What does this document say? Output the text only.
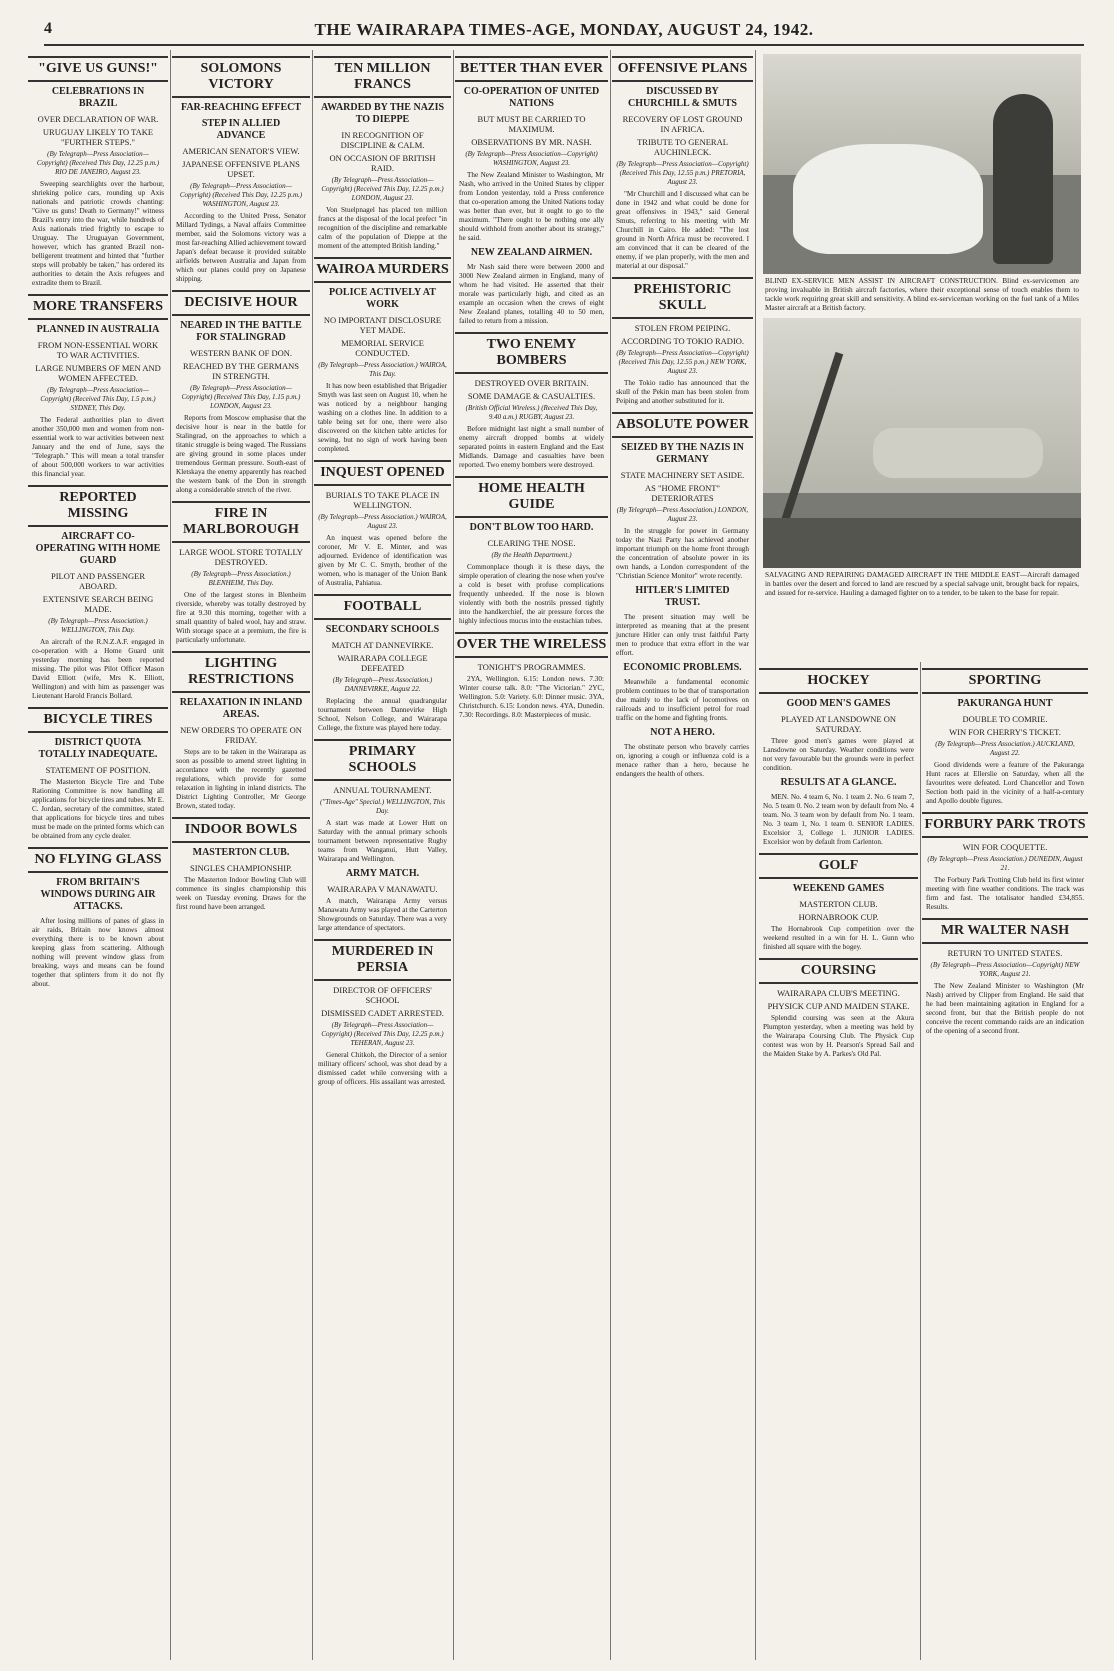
4	THE WAIRARAPA TIMES-AGE, MONDAY, AUGUST 24, 1942.
"GIVE US GUNS!"
CELEBRATIONS IN BRAZIL
OVER DECLARATION OF WAR.
URUGUAY LIKELY TO TAKE "FURTHER STEPS."
(By Telegraph—Press Association—Copyright) (Received This Day, 12.25 p.m.) RIO DE JANEIRO, August 23.
Sweeping searchlights over the harbour, shrieking police cars, rounding up Axis nationals and patriotic crowds chanting: "Give us guns! Death to Germany!" witness Brazil's entry into the war, while hundreds of Axis nationals tried frightly to escape to Uruguay. The Uruguayan Government, however, which has granted Brazil non-belligerent treatment and hinted that "further steps will probably be taken," has ordered its authorities to detain the Axis refugees and extradite them to Brazil.
MORE TRANSFERS
PLANNED IN AUSTRALIA
FROM NON-ESSENTIAL WORK TO WAR ACTIVITIES.
LARGE NUMBERS OF MEN AND WOMEN AFFECTED.
(By Telegraph—Press Association—Copyright) (Received This Day, 1.5 p.m.) SYDNEY, This Day.
The Federal authorities plan to divert another 350,000 men and women from non-essential work to war activities between next January and the end of June, says the "Telegraph." This will mean a total transfer of about 500,000 workers to war activities this financial year.
REPORTED MISSING
AIRCRAFT CO-OPERATING WITH HOME GUARD
PILOT AND PASSENGER ABOARD.
EXTENSIVE SEARCH BEING MADE.
(By Telegraph—Press Association.) WELLINGTON, This Day.
An aircraft of the R.N.Z.A.F. engaged in co-operation with a Home Guard unit yesterday morning has been reported missing. The pilot was Pilot Officer Mason David Elliott (wife, Mrs K. Elliott, Wellington) and with him as passenger was Lieutenant Harold Francis Bollard.
BICYCLE TIRES
DISTRICT QUOTA TOTALLY INADEQUATE.
STATEMENT OF POSITION.
The Masterton Bicycle Tire and Tube Rationing Committee is now handling all applications for bicycle tires and tubes. Mr E. C. Jordan, secretary of the committee, stated that applications for bicycle tires and tubes must be made on the printed forms which can be obtained from any cycle dealer.
NO FLYING GLASS
FROM BRITAIN'S WINDOWS DURING AIR ATTACKS.
After losing millions of panes of glass in air raids, Britain now knows almost everything there is to be known about keeping glass from scattering. Although nothing will prevent window glass from breaking, ways and means can be found together that splinters from it do not fly about.
SOLOMONS VICTORY
FAR-REACHING EFFECT
STEP IN ALLIED ADVANCE
AMERICAN SENATOR'S VIEW.
JAPANESE OFFENSIVE PLANS UPSET.
(By Telegraph—Press Association—Copyright) (Received This Day, 12.25 p.m.) WASHINGTON, August 23.
According to the United Press, Senator Millard Tydings, a Naval affairs Committee member, said the Solomons victory was a most far-reaching Allied achievement toward Japan's defeat because it provided suitable airfields between Australia and Japan from which our planes could prey on Japanese shipping.
DECISIVE HOUR
NEARED IN THE BATTLE FOR STALINGRAD
WESTERN BANK OF DON.
REACHED BY THE GERMANS IN STRENGTH.
(By Telegraph—Press Association—Copyright) (Received This Day, 1.15 p.m.) LONDON, August 23.
Reports from Moscow emphasise that the decisive hour is near in the battle for Stalingrad, on the approaches to which a titanic struggle is being waged. The Russians are giving ground in some places under tremendous German pressure. South-east of Kletskaya the enemy apparently has reached the western bank of the Don in strength along a considerable stretch of the river.
FIRE IN MARLBOROUGH
LARGE WOOL STORE TOTALLY DESTROYED.
(By Telegraph—Press Association.) BLENHEIM, This Day.
One of the largest stores in Blenheim riverside, whereby was totally destroyed by fire at 9.30 this morning, together with a small quantity of baled wool, hay and straw. With storage space at a premium, the fire is particularly unfortunate.
LIGHTING RESTRICTIONS
RELAXATION IN INLAND AREAS.
NEW ORDERS TO OPERATE ON FRIDAY.
Steps are to be taken in the Wairarapa as soon as possible to amend street lighting in accordance with the recently gazetted regulations, which provide for some relaxation in lighting in inland districts. The District Lighting Controller, Mr George Brown, stated today.
INDOOR BOWLS
MASTERTON CLUB.
SINGLES CHAMPIONSHIP.
The Masterton Indoor Bowling Club will commence its singles championship this week on Tuesday evening. Draws for the first round have been arranged.
TEN MILLION FRANCS
AWARDED BY THE NAZIS TO DIEPPE
IN RECOGNITION OF DISCIPLINE & CALM.
ON OCCASION OF BRITISH RAID.
(By Telegraph—Press Association—Copyright) (Received This Day, 12.25 p.m.) LONDON, August 23.
Von Stuelpnagel has placed ten million francs at the disposal of the local prefect "in recognition of the discipline and remarkable calm of the population of Dieppe at the moment of the attempted British landing."
WAIROA MURDERS
POLICE ACTIVELY AT WORK
NO IMPORTANT DISCLOSURE YET MADE.
MEMORIAL SERVICE CONDUCTED.
(By Telegraph—Press Association.) WAIROA, This Day.
It has now been established that Brigadier Smyth was last seen on August 10, when he was noticed by a neighbour hanging washing on a clothes line. In addition to a table being set for one, there were also discovered on the kitchen table articles for sewing, but no sign of work having been completed.
INQUEST OPENED
BURIALS TO TAKE PLACE IN WELLINGTON.
(By Telegraph—Press Association.) WAIROA, August 23.
An inquest was opened before the coroner, Mr V. E. Minter, and was adjourned. Evidence of identification was given by Mr C. C. Smyth, brother of the women, who is manager of the Union Bank of Australia, Pahiatua.
FOOTBALL
SECONDARY SCHOOLS
MATCH AT DANNEVIRKE.
WAIRARAPA COLLEGE DEFEATED
(By Telegraph—Press Association.) DANNEVIRKE, August 22.
Replacing the annual quadrangular tournament between Dannevirke High School, Nelson College, and Wairarapa College, the fixture was played here today.
PRIMARY SCHOOLS
ANNUAL TOURNAMENT.
("Times-Age" Special.) WELLINGTON, This Day.
A start was made at Lower Hutt on Saturday with the annual primary schools tournament between representative Rugby teams from Wanganui, Hutt Valley, Wairarapa and Wellington.
ARMY MATCH.
WAIRARAPA V MANAWATU.
A match, Wairarapa Army versus Manawatu Army was played at the Carterton Showgrounds on Saturday. There was a very large attendance of spectators.
MURDERED IN PERSIA
DIRECTOR OF OFFICERS' SCHOOL
DISMISSED CADET ARRESTED.
(By Telegraph—Press Association—Copyright) (Received This Day, 12.25 p.m.) TEHERAN, August 23.
General Chitkoh, the Director of a senior military officers' school, was shot dead by a dismissed cadet while conversing with a group of officers. His assailant was arrested.
BETTER THAN EVER
CO-OPERATION OF UNITED NATIONS
BUT MUST BE CARRIED TO MAXIMUM.
OBSERVATIONS BY MR. NASH.
(By Telegraph—Press Association—Copyright) WASHINGTON, August 23.
The New Zealand Minister to Washington, Mr Nash, who arrived in the United States by clipper from London yesterday, told a Press conference that co-operation among the United Nations today was better than ever, but it ought to go to the maximum. "There ought to be nothing one ally should withhold from another about its strategy," he said.
NEW ZEALAND AIRMEN.
Mr Nash said there were between 2000 and 3000 New Zealand airmen in England, many of whom he had visited. He asserted that their morale was particularly high, and cited as an example an occasion when the crews of eight New Zealand planes, totalling 40 to 50 men, failed to return from a mission.
TWO ENEMY BOMBERS
DESTROYED OVER BRITAIN.
SOME DAMAGE & CASUALTIES.
(British Official Wireless.) (Received This Day, 9.40 a.m.) RUGBY, August 23.
Before midnight last night a small number of enemy aircraft dropped bombs at widely separated points in eastern England and the East Midlands. Damage and casualties have been reported. Two enemy bombers were destroyed.
HOME HEALTH GUIDE
DON'T BLOW TOO HARD.
CLEARING THE NOSE.
(By the Health Department.)
Commonplace though it is these days, the simple operation of clearing the nose when you've a cold is beset with profuse complications frequently unheeded. If the nose is blown violently with both the nostrils pressed tightly into the handkerchief, the air pressure forces the highly infectious mucus into the eustachian tubes.
OVER THE WIRELESS
TONIGHT'S PROGRAMMES.
2YA, Wellington. 6.15: London news. 7.30: Winter course talk. 8.0: "The Victorian." 2YC, Wellington. 5.0: Variety. 6.0: Dinner music. 3YA, Christchurch. 6.15: London news. 4YA, Dunedin. 7.30: Recordings. 8.0: Masterpieces of music.
OFFENSIVE PLANS
DISCUSSED BY CHURCHILL & SMUTS
RECOVERY OF LOST GROUND IN AFRICA.
TRIBUTE TO GENERAL AUCHINLECK.
(By Telegraph—Press Association—Copyright) (Received This Day, 12.55 p.m.) PRETORIA, August 23.
"Mr Churchill and I discussed what can be done in 1942 and what could be done for great offensives in 1943," said General Smuts, referring to his meeting with Mr Churchill in Cairo. He added: "The lost ground in North Africa must be recovered. I am convinced that it can be cleared of the enemy, if we plan properly, with the men and material at our disposal."
PREHISTORIC SKULL
STOLEN FROM PEIPING.
ACCORDING TO TOKIO RADIO.
(By Telegraph—Press Association—Copyright) (Received This Day, 12.55 p.m.) NEW YORK, August 23.
The Tokio radio has announced that the skull of the Pekin man has been stolen from Peiping and another substituted for it.
ABSOLUTE POWER
SEIZED BY THE NAZIS IN GERMANY
STATE MACHINERY SET ASIDE.
AS "HOME FRONT" DETERIORATES
(By Telegraph—Press Association.) LONDON, August 23.
In the struggle for power in Germany today the Nazi Party has achieved another important triumph on the home front through the concentration of absolute power in its own hands, a London correspondent of the "Christian Science Monitor" wrote recently.
HITLER'S LIMITED TRUST.
The present situation may well be interpreted as meaning that at the present juncture Hitler can only trust faithful Party men to produce that extra effort in the war effort.
ECONOMIC PROBLEMS.
Meanwhile a fundamental economic problem continues to be that of transportation due mainly to the lack of locomotives on railroads and to insufficient petrol for road traffic on the home and fighting fronts.
NOT A HERO.
The obstinate person who bravely carries on, ignoring a cough or influenza cold is a menace rather than a hero, because he endangers the health of others.
BLIND EX-SERVICE MEN ASSIST IN AIRCRAFT CONSTRUCTION. Blind ex-servicemen are proving invaluable in British aircraft factories, where their exceptional sense of touch enables them to tackle work requiring great skill and sensitivity. A blind ex-serviceman working on the fuel tank of a Miles Master aircraft at a British factory.
SALVAGING AND REPAIRING DAMAGED AIRCRAFT IN THE MIDDLE EAST—Aircraft damaged in battles over the desert and forced to land are rescued by a special salvage unit, brought back for repairs, and issued for re-service. Hauling a damaged fighter on to a tender, to be taken to the base for repair.
HOCKEY
GOOD MEN'S GAMES
PLAYED AT LANSDOWNE ON SATURDAY.
Three good men's games were played at Lansdowne on Saturday. Weather conditions were not very favourable but the grounds were in perfect condition.
RESULTS AT A GLANCE.
MEN. No. 4 team 6, No. 1 team 2. No. 6 team 7, No. 5 team 0. No. 2 team won by default from No. 4 team. No. 3 team won by default from No. 1 team. No. 3 team 1, No. 1 team 0. SENIOR LADIES. Excelsior 3, College 1. JUNIOR LADIES. Excelsior won by default from Carlenton.
GOLF
WEEKEND GAMES
MASTERTON CLUB.
HORNABROOK CUP.
The Hornabrook Cup competition over the weekend resulted in a win for H. L. Gunn who finished all square with the bogey.
COURSING
WAIRARAPA CLUB'S MEETING.
PHYSICK CUP AND MAIDEN STAKE.
Splendid coursing was seen at the Akura Plumpton yesterday, when a meeting was held by the Wairarapa Coursing Club. The Physick Cup contest was won by H. Pearson's Spread Sail and the Maiden Stake by A. Parkes's Old Pal.
SPORTING
PAKURANGA HUNT
DOUBLE TO COMRIE.
WIN FOR CHERRY'S TICKET.
(By Telegraph—Press Association.) AUCKLAND, August 22.
Good dividends were a feature of the Pakuranga Hunt races at Ellerslie on Saturday, when all the favourites were defeated. Lord Chancellor and Town Section both paid in the vicinity of a half-a-century and Apollo double figures.
FORBURY PARK TROTS
WIN FOR COQUETTE.
(By Telegraph—Press Association.) DUNEDIN, August 21.
The Forbury Park Trotting Club held its first winter meeting with fine weather conditions. The track was firm and fast. The totalisator handled £34,855. Results.
MR WALTER NASH
RETURN TO UNITED STATES.
(By Telegraph—Press Association—Copyright) NEW YORK, August 21.
The New Zealand Minister to Washington (Mr Nash) arrived by Clipper from England. He said that he had been maintaining agitation in England for a second front, but that the British people do not conceive the recent commando raids are an indication of the opening of a second front.
